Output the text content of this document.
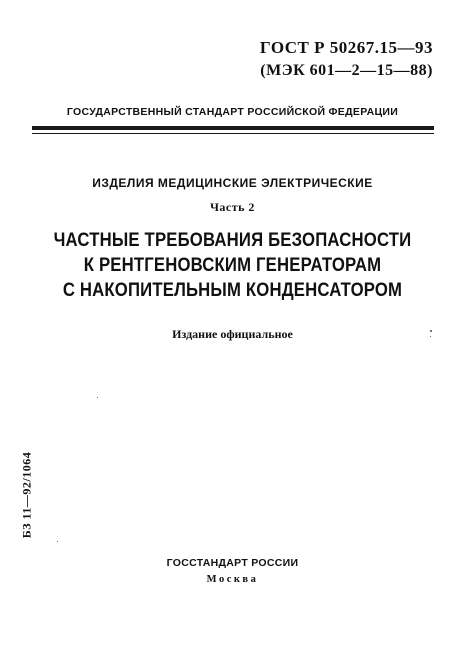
ГОСТ Р 50267.15—93
(МЭК 601—2—15—88)
ГОСУДАРСТВЕННЫЙ СТАНДАРТ РОССИЙСКОЙ ФЕДЕРАЦИИ
ИЗДЕЛИЯ МЕДИЦИНСКИЕ ЭЛЕКТРИЧЕСКИЕ
Часть 2
ЧАСТНЫЕ ТРЕБОВАНИЯ БЕЗОПАСНОСТИ
К РЕНТГЕНОВСКИМ ГЕНЕРАТОРАМ
С НАКОПИТЕЛЬНЫМ КОНДЕНСАТОРОМ
Издание официальное
БЗ 11—92/1064
ГОССТАНДАРТ РОССИИ
Москва
